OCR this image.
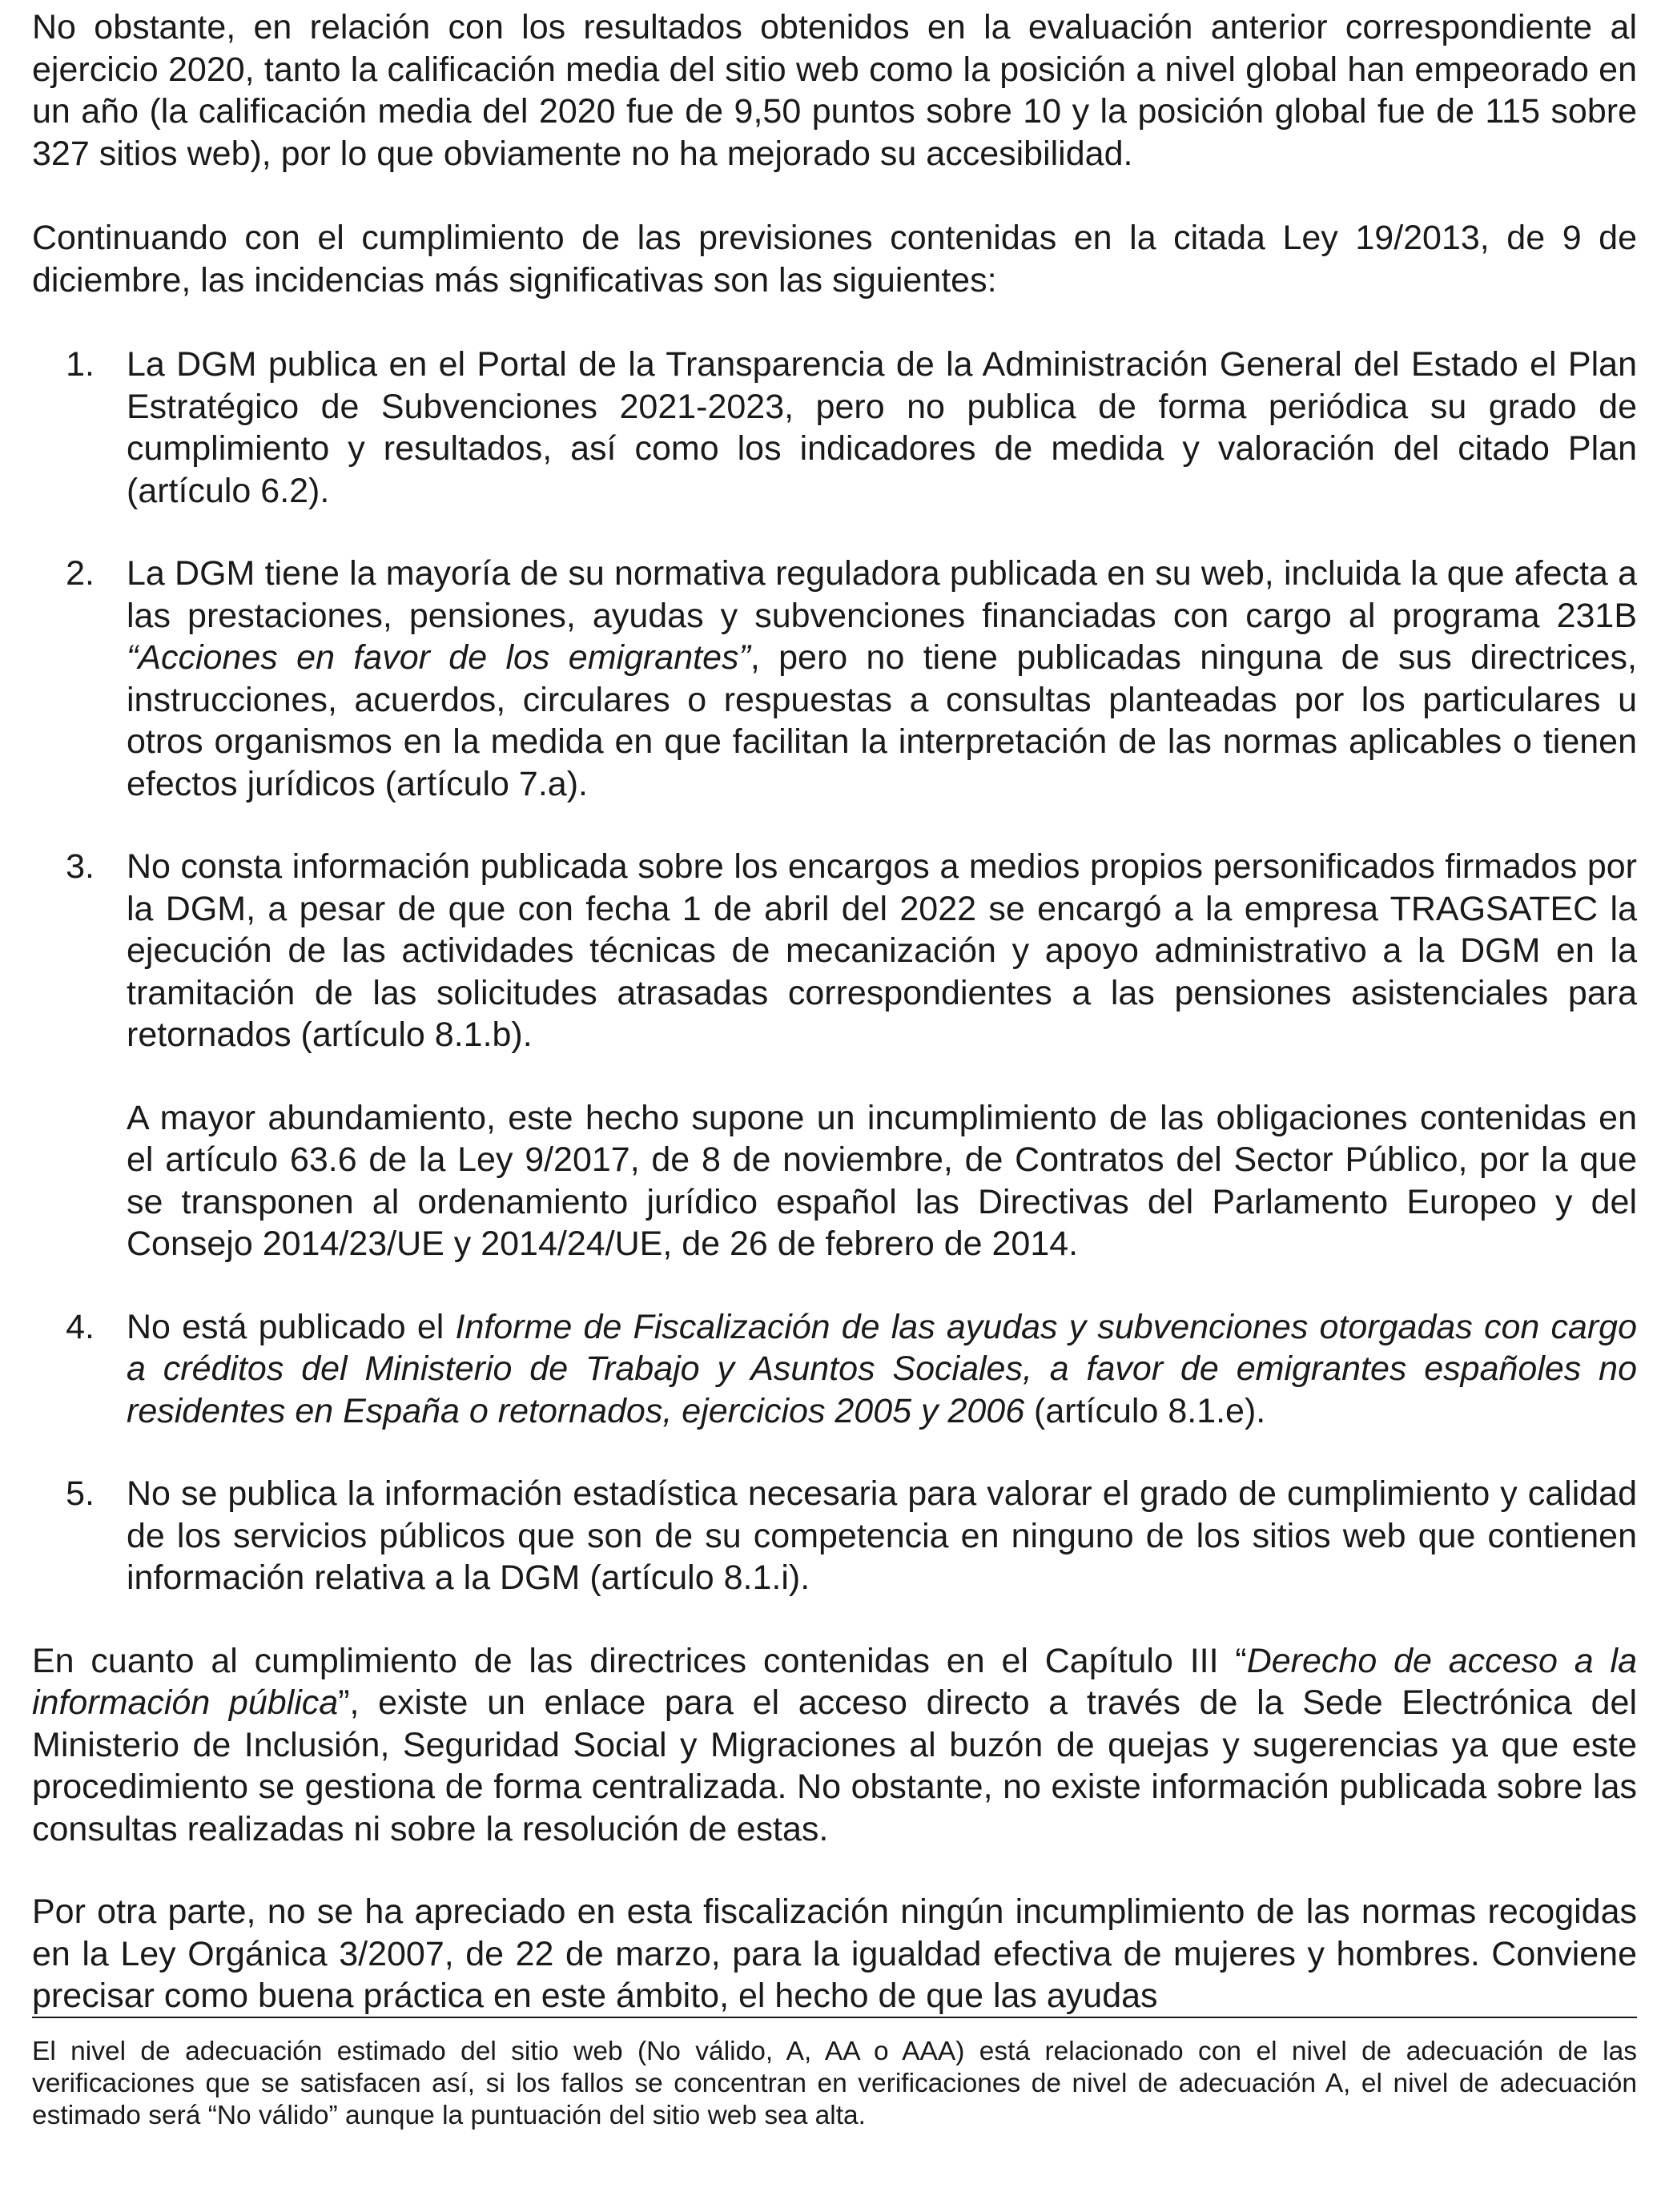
No obstante, en relación con los resultados obtenidos en la evaluación anterior correspondiente al ejercicio 2020, tanto la calificación media del sitio web como la posición a nivel global han empeorado en un año (la calificación media del 2020 fue de 9,50 puntos sobre 10 y la posición global fue de 115 sobre 327 sitios web), por lo que obviamente no ha mejorado su accesibilidad.

Continuando con el cumplimiento de las previsiones contenidas en la citada Ley 19/2013, de 9 de diciembre, las incidencias más significativas son las siguientes:

1. La DGM publica en el Portal de la Transparencia de la Administración General del Estado el Plan Estratégico de Subvenciones 2021-2023, pero no publica de forma periódica su grado de cumplimiento y resultados, así como los indicadores de medida y valoración del citado Plan (artículo 6.2).

2. La DGM tiene la mayoría de su normativa reguladora publicada en su web, incluida la que afecta a las prestaciones, pensiones, ayudas y subvenciones financiadas con cargo al programa 231B “Acciones en favor de los emigrantes”, pero no tiene publicadas ninguna de sus directrices, instrucciones, acuerdos, circulares o respuestas a consultas planteadas por los particulares u otros organismos en la medida en que facilitan la interpretación de las normas aplicables o tienen efectos jurídicos (artículo 7.a).

3. No consta información publicada sobre los encargos a medios propios personificados firmados por la DGM, a pesar de que con fecha 1 de abril del 2022 se encargó a la empresa TRAGSATEC la ejecución de las actividades técnicas de mecanización y apoyo administrativo a la DGM en la tramitación de las solicitudes atrasadas correspondientes a las pensiones asistenciales para retornados (artículo 8.1.b).

A mayor abundamiento, este hecho supone un incumplimiento de las obligaciones contenidas en el artículo 63.6 de la Ley 9/2017, de 8 de noviembre, de Contratos del Sector Público, por la que se transponen al ordenamiento jurídico español las Directivas del Parlamento Europeo y del Consejo 2014/23/UE y 2014/24/UE, de 26 de febrero de 2014.

4. No está publicado el Informe de Fiscalización de las ayudas y subvenciones otorgadas con cargo a créditos del Ministerio de Trabajo y Asuntos Sociales, a favor de emigrantes españoles no residentes en España o retornados, ejercicios 2005 y 2006 (artículo 8.1.e).

5. No se publica la información estadística necesaria para valorar el grado de cumplimiento y calidad de los servicios públicos que son de su competencia en ninguno de los sitios web que contienen información relativa a la DGM (artículo 8.1.i).

En cuanto al cumplimiento de las directrices contenidas en el Capítulo III “Derecho de acceso a la información pública”, existe un enlace para el acceso directo a través de la Sede Electrónica del Ministerio de Inclusión, Seguridad Social y Migraciones al buzón de quejas y sugerencias ya que este procedimiento se gestiona de forma centralizada. No obstante, no existe información publicada sobre las consultas realizadas ni sobre la resolución de estas.

Por otra parte, no se ha apreciado en esta fiscalización ningún incumplimiento de las normas recogidas en la Ley Orgánica 3/2007, de 22 de marzo, para la igualdad efectiva de mujeres y hombres. Conviene precisar como buena práctica en este ámbito, el hecho de que las ayudas

El nivel de adecuación estimado del sitio web (No válido, A, AA o AAA) está relacionado con el nivel de adecuación de las verificaciones que se satisfacen así, si los fallos se concentran en verificaciones de nivel de adecuación A, el nivel de adecuación estimado será “No válido” aunque la puntuación del sitio web sea alta.
